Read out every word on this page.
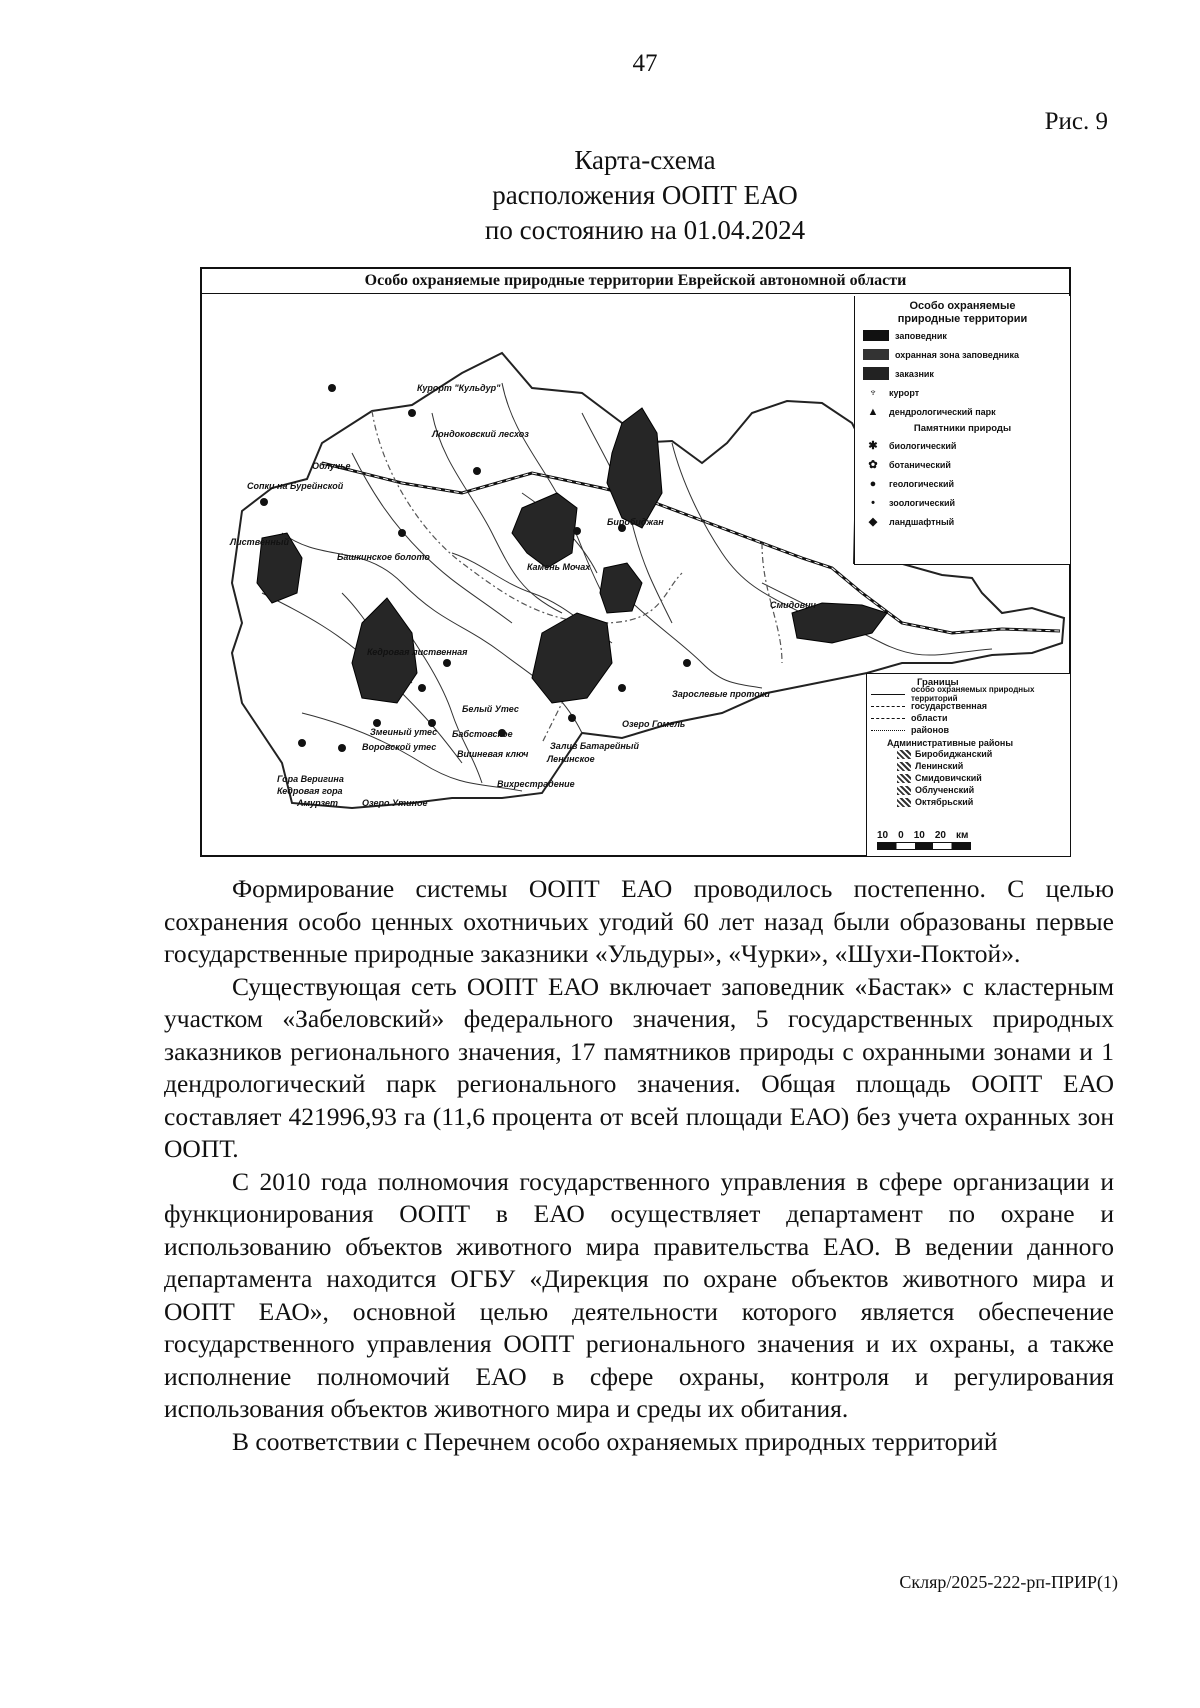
47
Рис. 9
Карта-схема
расположения ООПТ ЕАО
по состоянию на 01.04.2024
Особо охраняемые природные территории Еврейской автономной области
Курорт "Кульдур"
Лондоковский лесхоз
Облучье
Сопки на Бурейнской
Лиственный
Башкинское болото
Биробиджан
Камень Мочах
Смидович
Зарослевые протоки
Кедровая лиственная
Змеиный утес
Белый Утес
Вишневая ключ
Озеро Гомель
Ленинское
Залив Батарейный
Воровской утес
Гора Веригина
Кедровая гора
Амурзет	Озеро Утиное
Бабстовское
Вихрестрадение
Особо охраняемые
природные территории
заповедник
охранная зона заповедника
заказник
♆	курорт
▲	дендрологический парк
Памятники природы
✱	биологический
✿	ботанический
●	геологический
•	зоологический
◆	ландшафтный
Границы
особо охраняемых природных территорий
государственная
области
районов
Административные районы
Биробиджанский
Ленинский
Смидовичский
Облученский
Октябрьский
10 0 10 20 км

Формирование системы ООПТ ЕАО проводилось постепенно. С целью сохранения особо ценных охотничьих угодий 60 лет назад были образованы первые государственные природные заказники «Ульдуры», «Чурки», «Шухи-Поктой».

Существующая сеть ООПТ ЕАО включает заповедник «Бастак» с кластерным участком «Забеловский» федерального значения, 5 государственных природных заказников регионального значения, 17 памятников природы с охранными зонами и 1 дендрологический парк регионального значения. Общая площадь ООПТ ЕАО составляет 421996,93 га (11,6 процента от всей площади ЕАО) без учета охранных зон ООПТ.

С 2010 года полномочия государственного управления в сфере организации и функционирования ООПТ в ЕАО осуществляет департамент по охране и использованию объектов животного мира правительства ЕАО. В ведении данного департамента находится ОГБУ «Дирекция по охране объектов животного мира и ООПТ ЕАО», основной целью деятельности которого является обеспечение государственного управления ООПТ регионального значения и их охраны, а также исполнение полномочий ЕАО в сфере охраны, контроля и регулирования использования объектов животного мира и среды их обитания.

В соответствии с Перечнем особо охраняемых природных территорий

Скляр/2025-222-рп-ПРИР(1)
